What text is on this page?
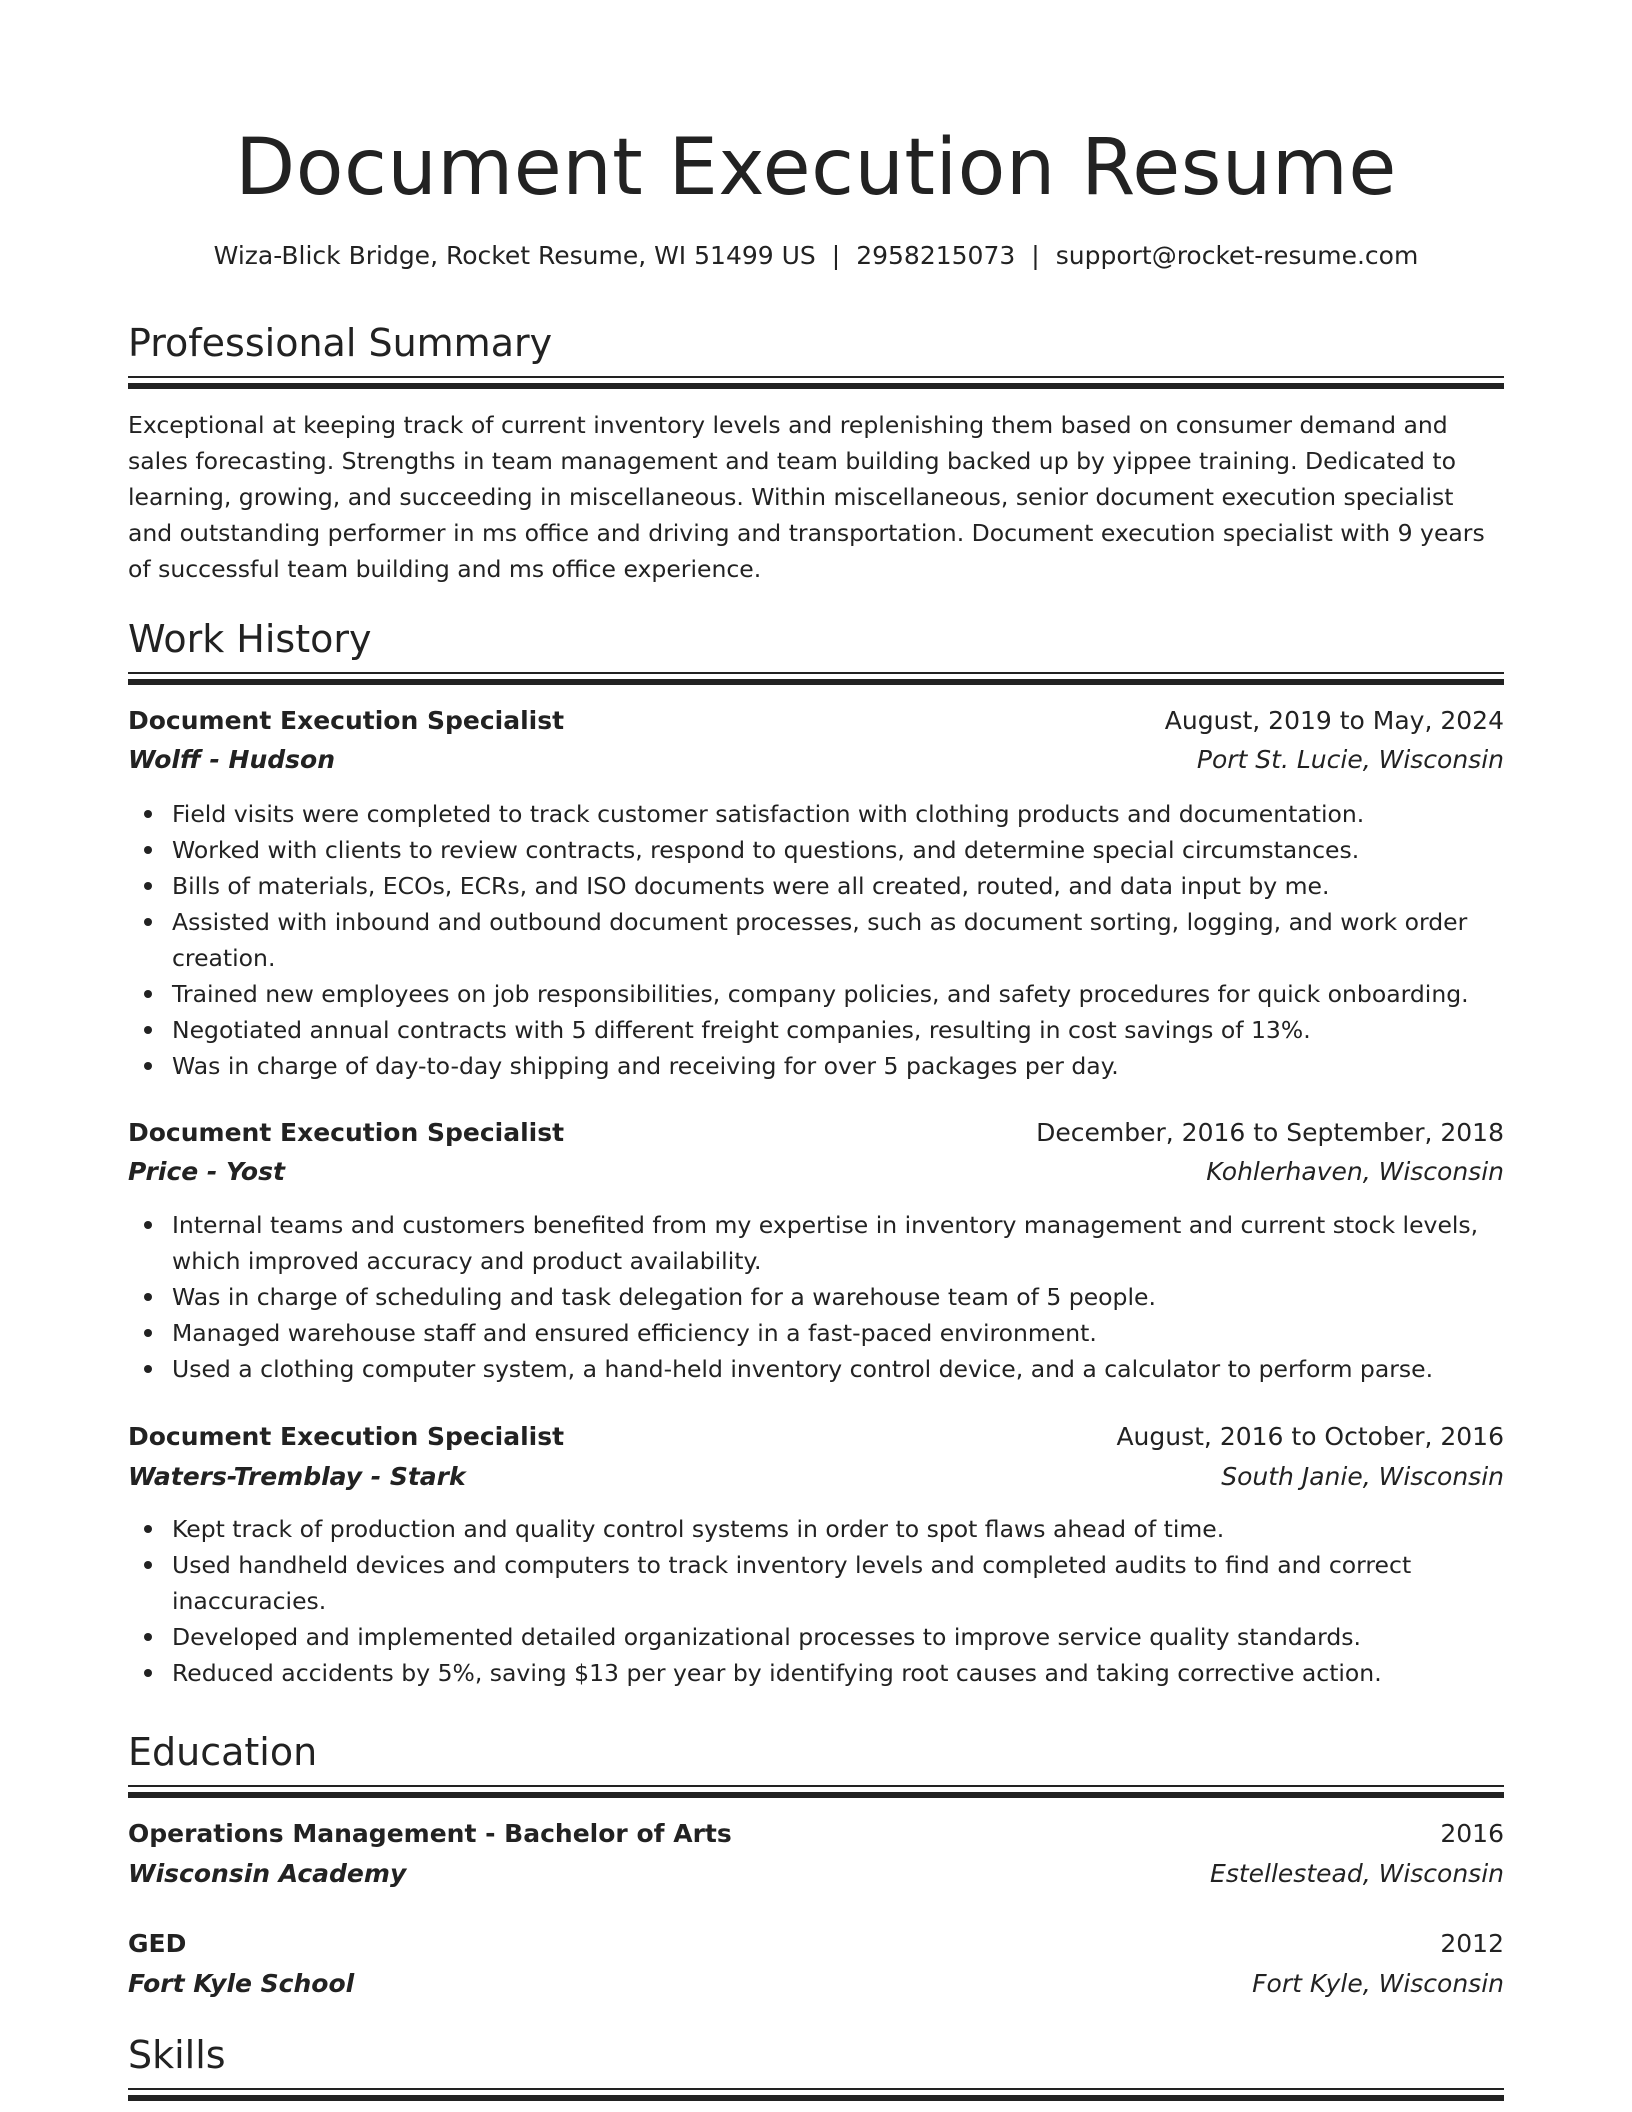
Document Execution Resume
Wiza-Blick Bridge, Rocket Resume, WI 51499 US | 2958215073 | support@rocket-resume.com
Professional Summary
Exceptional at keeping track of current inventory levels and replenishing them based on consumer demand and sales forecasting. Strengths in team management and team building backed up by yippee training. Dedicated to learning, growing, and succeeding in miscellaneous. Within miscellaneous, senior document execution specialist and outstanding performer in ms office and driving and transportation. Document execution specialist with 9 years of successful team building and ms office experience.
Work History
Document Execution Specialist	August, 2019 to May, 2024
Wolff - Hudson	Port St. Lucie, Wisconsin
Field visits were completed to track customer satisfaction with clothing products and documentation.
Worked with clients to review contracts, respond to questions, and determine special circumstances.
Bills of materials, ECOs, ECRs, and ISO documents were all created, routed, and data input by me.
Assisted with inbound and outbound document processes, such as document sorting, logging, and work order creation.
Trained new employees on job responsibilities, company policies, and safety procedures for quick onboarding.
Negotiated annual contracts with 5 different freight companies, resulting in cost savings of 13%.
Was in charge of day-to-day shipping and receiving for over 5 packages per day.
Document Execution Specialist	December, 2016 to September, 2018
Price - Yost	Kohlerhaven, Wisconsin
Internal teams and customers benefited from my expertise in inventory management and current stock levels, which improved accuracy and product availability.
Was in charge of scheduling and task delegation for a warehouse team of 5 people.
Managed warehouse staff and ensured efficiency in a fast-paced environment.
Used a clothing computer system, a hand-held inventory control device, and a calculator to perform parse.
Document Execution Specialist	August, 2016 to October, 2016
Waters-Tremblay - Stark	South Janie, Wisconsin
Kept track of production and quality control systems in order to spot flaws ahead of time.
Used handheld devices and computers to track inventory levels and completed audits to find and correct inaccuracies.
Developed and implemented detailed organizational processes to improve service quality standards.
Reduced accidents by 5%, saving $13 per year by identifying root causes and taking corrective action.
Education
Operations Management - Bachelor of Arts	2016
Wisconsin Academy	Estellestead, Wisconsin
GED	2012
Fort Kyle School	Fort Kyle, Wisconsin
Skills
